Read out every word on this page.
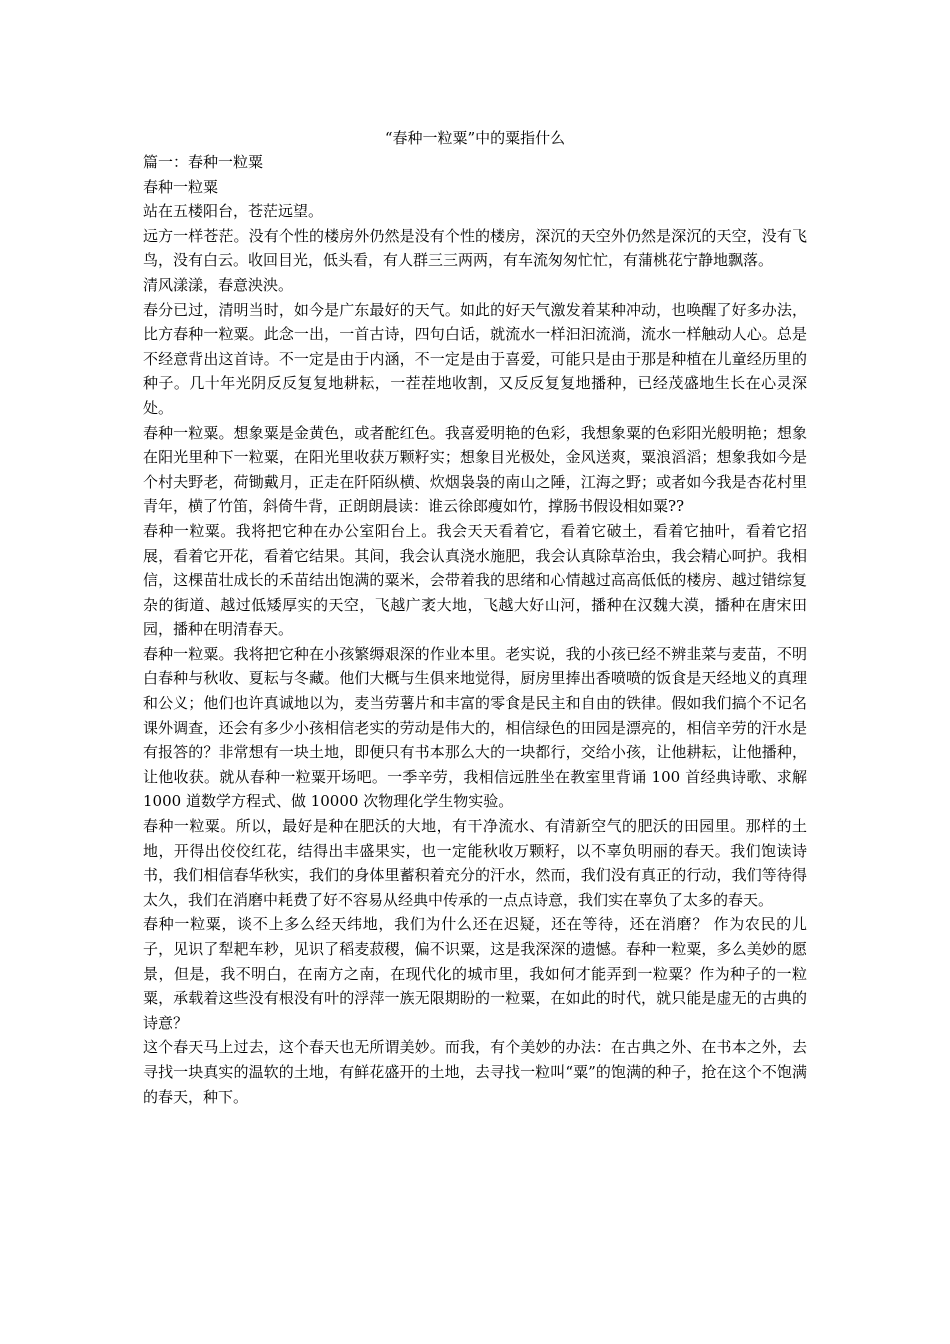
“春种一粒粟”中的粟指什么

篇一：春种一粒粟

春种一粒粟

站在五楼阳台，苍茫远望。

远方一样苍茫。没有个性的楼房外仍然是没有个性的楼房，深沉的天空外仍然是深沉的天空，没有飞鸟，没有白云。收回目光，低头看，有人群三三两两，有车流匆匆忙忙，有蒲桃花宁静地飘落。

清风漾漾，春意泱泱。

春分已过，清明当时，如今是广东最好的天气。如此的好天气激发着某种冲动，也唤醒了好多办法，比方春种一粒粟。此念一出，一首古诗，四句白话，就流水一样汩汩流淌，流水一样触动人心。总是不经意背出这首诗。不一定是由于内涵，不一定是由于喜爱，可能只是由于那是种植在儿童经历里的种子。几十年光阴反反复复地耕耘，一茬茬地收割，又反反复复地播种，已经茂盛地生长在心灵深处。

春种一粒粟。想象粟是金黄色，或者酡红色。我喜爱明艳的色彩，我想象粟的色彩阳光般明艳；想象在阳光里种下一粒粟，在阳光里收获万颗籽实；想象目光极处，金风送爽，粟浪滔滔；想象我如今是个村夫野老，荷锄戴月，正走在阡陌纵横、炊烟袅袅的南山之陲，江海之野；或者如今我是杏花村里青年，横了竹笛，斜倚牛背，正朗朗晨读：谁云徐郎瘦如竹，撑肠书假设相如粟??

春种一粒粟。我将把它种在办公室阳台上。我会天天看着它，看着它破土，看着它抽叶，看着它招展，看着它开花，看着它结果。其间，我会认真浇水施肥，我会认真除草治虫，我会精心呵护。我相信，这棵苗壮成长的禾苗结出饱满的粟米，会带着我的思绪和心情越过高高低低的楼房、越过错综复杂的街道、越过低矮厚实的天空，飞越广袤大地，飞越大好山河，播种在汉魏大漠，播种在唐宋田园，播种在明清春天。

春种一粒粟。我将把它种在小孩繁缛艰深的作业本里。老实说，我的小孩已经不辨韭菜与麦苗，不明白春种与秋收、夏耘与冬藏。他们大概与生俱来地觉得，厨房里捧出香喷喷的饭食是天经地义的真理和公义；他们也许真诚地以为，麦当劳薯片和丰富的零食是民主和自由的铁律。假如我们搞个不记名课外调查，还会有多少小孩相信老实的劳动是伟大的，相信绿色的田园是漂亮的，相信辛劳的汗水是有报答的？非常想有一块土地，即便只有书本那么大的一块都行，交给小孩，让他耕耘，让他播种，让他收获。就从春种一粒粟开场吧。一季辛劳，我相信远胜坐在教室里背诵 100 首经典诗歌、求解 1000 道数学方程式、做 10000 次物理化学生物实验。

春种一粒粟。所以，最好是种在肥沃的大地，有干净流水、有清新空气的肥沃的田园里。那样的土地，开得出佼佼红花，结得出丰盛果实，也一定能秋收万颗籽，以不辜负明丽的春天。我们饱读诗书，我们相信春华秋实，我们的身体里蓄积着充分的汗水，然而，我们没有真正的行动，我们等待得太久，我们在消磨中耗费了好不容易从经典中传承的一点点诗意，我们实在辜负了太多的春天。

春种一粒粟，谈不上多么经天纬地，我们为什么还在迟疑，还在等待，还在消磨？ 作为农民的儿子，见识了犁耙车耖，见识了稻麦菽稷，偏不识粟，这是我深深的遗憾。春种一粒粟，多么美妙的愿景，但是，我不明白，在南方之南，在现代化的城市里，我如何才能弄到一粒粟？作为种子的一粒粟，承载着这些没有根没有叶的浮萍一族无限期盼的一粒粟，在如此的时代，就只能是虚无的古典的诗意？

这个春天马上过去，这个春天也无所谓美妙。而我，有个美妙的办法：在古典之外、在书本之外，去寻找一块真实的温软的土地，有鲜花盛开的土地，去寻找一粒叫“粟”的饱满的种子，抢在这个不饱满的春天，种下。
